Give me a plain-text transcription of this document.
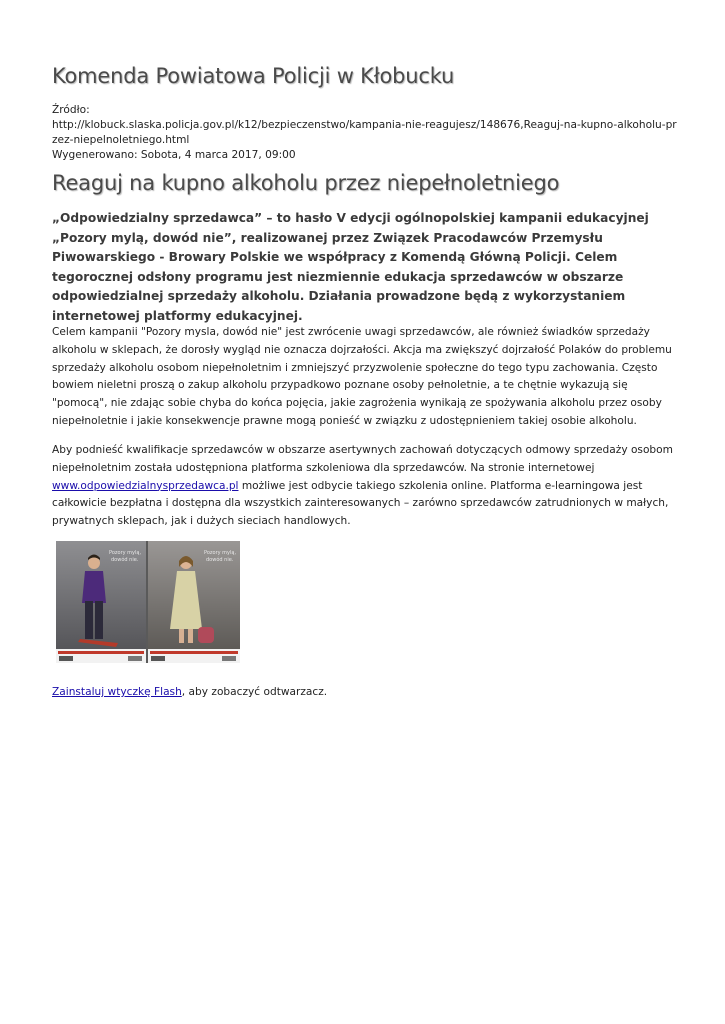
Komenda Powiatowa Policji w Kłobucku
Źródło:
http://klobuck.slaska.policja.gov.pl/k12/bezpieczenstwo/kampania-nie-reagujesz/148676,Reaguj-na-kupno-alkoholu-przez-niepelnoletniego.html
Wygenerowano: Sobota, 4 marca 2017, 09:00
Reaguj na kupno alkoholu przez niepełnoletniego

„Odpowiedzialny sprzedawca” – to hasło V edycji ogólnopolskiej kampanii edukacyjnej „Pozory mylą, dowód nie”, realizowanej przez Związek Pracodawców Przemysłu Piwowarskiego - Browary Polskie we współpracy z Komendą Główną Policji. Celem tegorocznej odsłony programu jest niezmiennie edukacja sprzedawców w obszarze odpowiedzialnej sprzedaży alkoholu. Działania prowadzone będą z wykorzystaniem internetowej platformy edukacyjnej.

Celem kampanii "Pozory mysla, dowód nie" jest zwrócenie uwagi sprzedawców, ale również świadków sprzedaży alkoholu w sklepach, że dorosły wygląd nie oznacza dojrzałości. Akcja ma zwiększyć dojrzałość Polaków do problemu sprzedaży alkoholu osobom niepełnoletnim i zmniejszyć przyzwolenie społeczne do tego typu zachowania. Często bowiem nieletni proszą o zakup alkoholu przypadkowo poznane osoby pełnoletnie, a te chętnie wykazują się "pomocą", nie zdając sobie chyba do końca pojęcia, jakie zagrożenia wynikają ze spożywania alkoholu przez osoby niepełnoletnie i jakie konsekwencje prawne mogą ponieść w związku z udostępnieniem takiej osobie alkoholu.

Aby podnieść kwalifikacje sprzedawców w obszarze asertywnych zachowań dotyczących odmowy sprzedaży osobom niepełnoletnim została udostępniona platforma szkoleniowa dla sprzedawców. Na stronie internetowej www.odpowiedzialnysprzedawca.pl możliwe jest odbycie takiego szkolenia online. Platforma e-learningowa jest całkowicie bezpłatna i dostępna dla wszystkich zainteresowanych – zarówno sprzedawców zatrudnionych w małych, prywatnych sklepach, jak i dużych sieciach handlowych.

Pozory mylą,
dowód nie.
Pozory mylą,
dowód nie.
Zainstaluj wtyczkę Flash, aby zobaczyć odtwarzacz.
